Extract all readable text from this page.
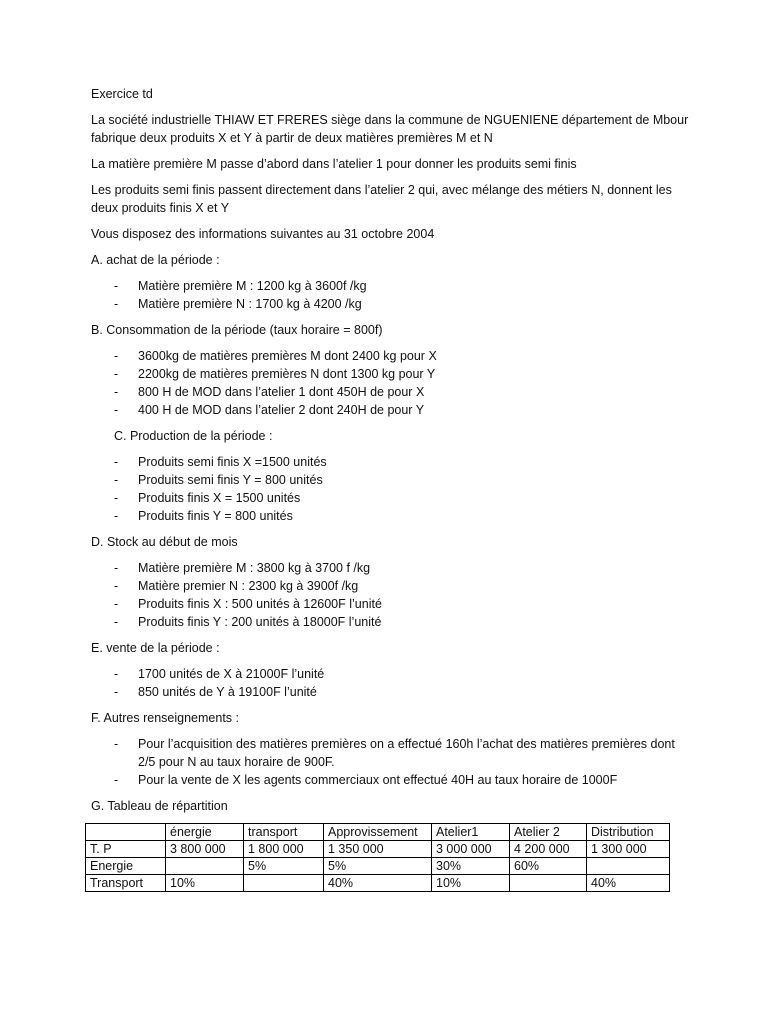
Exercice td

La société industrielle THIAW ET FRERES siège dans la commune de NGUENIENE département de Mbour fabrique deux produits X et Y à partir de deux matières premières M et N

La matière première M passe d’abord dans l’atelier 1 pour donner les produits semi finis

Les produits semi finis passent directement dans l’atelier 2 qui, avec mélange des métiers N, donnent les deux produits finis X et Y

Vous disposez des informations suivantes au 31 octobre 2004

A. achat de la période :
- Matière première M : 1200 kg à 3600f /kg
- Matière première N : 1700 kg à 4200 /kg
B. Consommation de la période (taux horaire = 800f)
- 3600kg de matières premières M dont 2400 kg pour X
- 2200kg de matières premières N dont 1300 kg pour Y
- 800 H de MOD dans l’atelier 1 dont 450H de pour X
- 400 H de MOD dans l’atelier 2 dont 240H de pour Y
C. Production de la période :
- Produits semi finis X =1500 unités
- Produits semi finis Y = 800 unités
- Produits finis X = 1500 unités
- Produits finis Y = 800 unités
D. Stock au début de mois
- Matière première M : 3800 kg à 3700 f /kg
- Matière premier N : 2300 kg à 3900f /kg
- Produits finis X : 500 unités à 12600F l’unité
- Produits finis Y : 200 unités à 18000F l’unité
E. vente de la période :
- 1700 unités de X à 21000F l’unité
- 850 unités de Y à 19100F l’unité
F. Autres renseignements :
- Pour l’acquisition des matières premières on a effectué 160h l’achat des matières premières dont 2/5 pour N au taux horaire de 900F.
- Pour la vente de X les agents commerciaux ont effectué 40H au taux horaire de 1000F
G. Tableau de répartition
	énergie	transport	Approvissement	Atelier1	Atelier 2	Distribution
T. P	3 800 000	1 800 000	1 350 000	3 000 000	4 200 000	1 300 000
Energie		5%	5%	30%	60%	
Transport	10%		40%	10%		40%
